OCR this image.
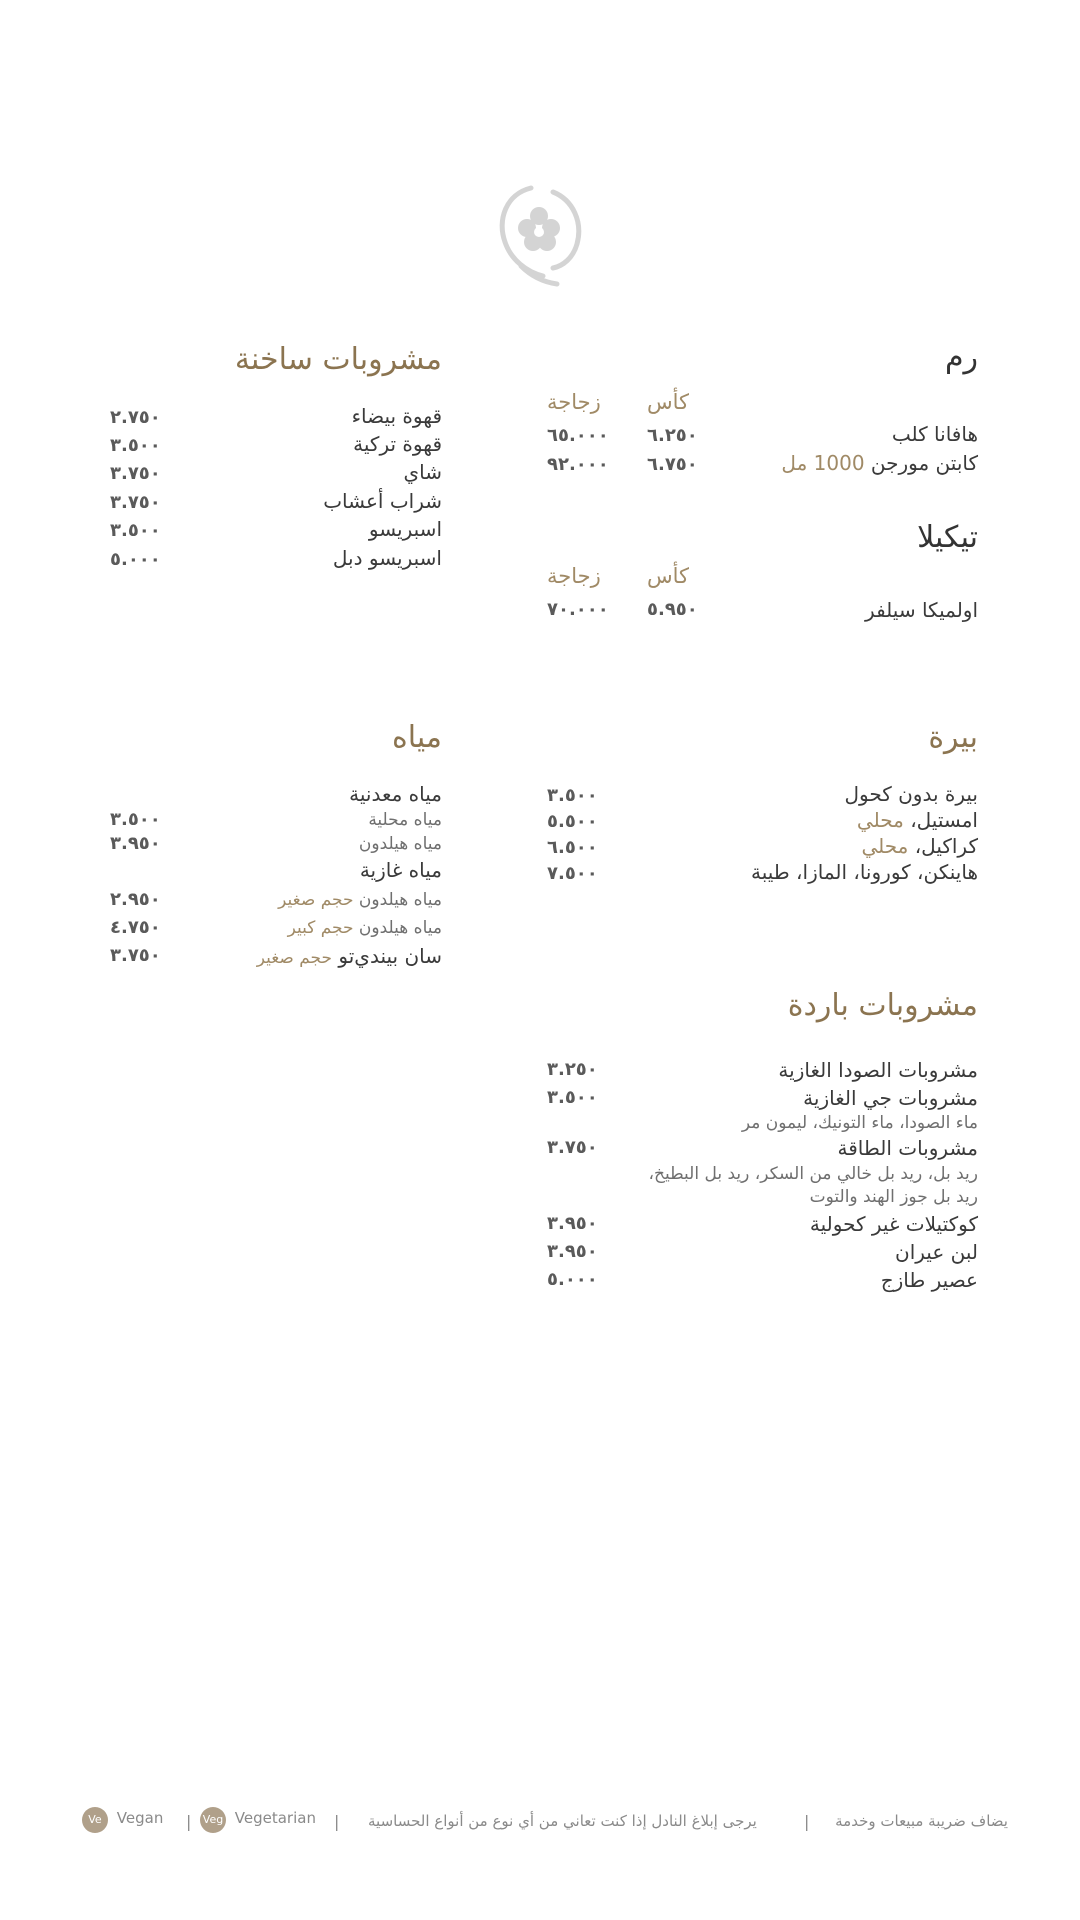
رم
كأس
زجاجة
هافانا كلب
٦.٢٥٠
٦٥.٠٠٠
كابتن مورجن 1000 مل
٦.٧٥٠
٩٢.٠٠٠
تيكيلا
كأس
زجاجة
اولميكا سيلفر
٥.٩٥٠
٧٠.٠٠٠
مشروبات ساخنة
قهوة بيضاء
٢.٧٥٠
قهوة تركية
٣.٥٠٠
شاي
٣.٧٥٠
شراب أعشاب
٣.٧٥٠
اسبريسو
٣.٥٠٠
اسبريسو دبل
٥.٠٠٠
بيرة
بيرة بدون كحول
٣.٥٠٠
امستيل، محلي
٥.٥٠٠
كراكيل، محلي
٦.٥٠٠
هاينكن، كورونا، المازا، طيبة
٧.٥٠٠
مياه
مياه معدنية
مياه محلية
٣.٥٠٠
مياه هيلدون
٣.٩٥٠
مياه غازية
مياه هيلدون حجم صغير
٢.٩٥٠
مياه هيلدون حجم كبير
٤.٧٥٠
سان بيندي‌تو حجم صغير
٣.٧٥٠
مشروبات باردة
مشروبات الصودا الغازية
٣.٢٥٠
مشروبات جي الغازية
٣.٥٠٠
ماء الصودا، ماء التونيك، ليمون مر
مشروبات الطاقة
٣.٧٥٠
ريد بل، ريد بل خالي من السكر، ريد بل البطيخ،
ريد بل جوز الهند والتوت
كوكتيلات غير كحولية
٣.٩٥٠
لبن عيران
٣.٩٥٠
عصير طازج
٥.٠٠٠
يضاف ضريبة مبيعات وخدمة
|
يرجى إبلاغ النادل إذا كنت تعاني من أي نوع من أنواع الحساسية
|
Veg Vegetarian
|
Ve Vegan
